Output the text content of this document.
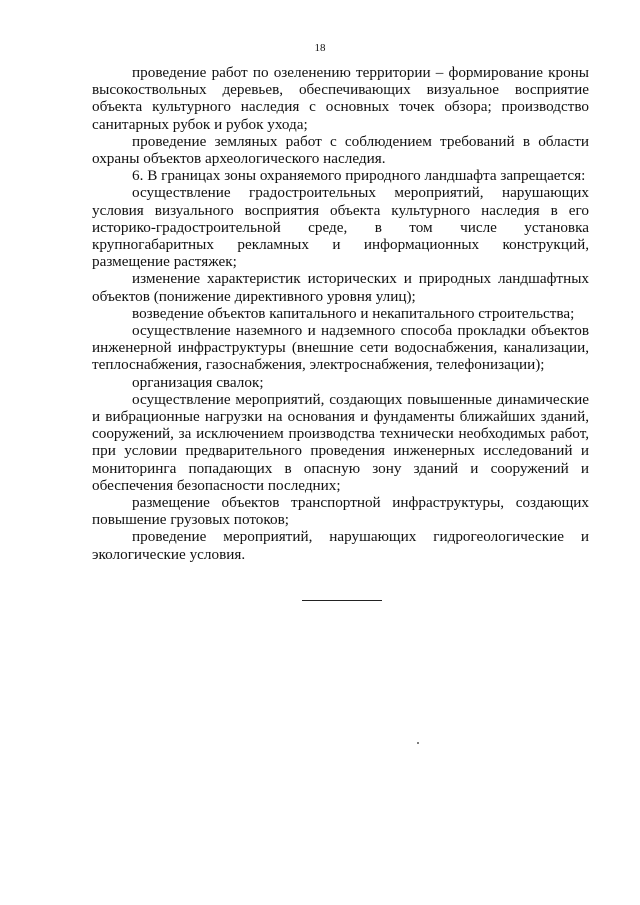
18

проведение работ по озеленению территории – формирование кроны высокоствольных деревьев, обеспечивающих визуальное восприятие объекта культурного наследия с основных точек обзора; производство санитарных рубок и рубок ухода;

проведение земляных работ с соблюдением требований в области охраны объектов археологического наследия.

6. В границах зоны охраняемого природного ландшафта запрещается:

осуществление градостроительных мероприятий, нарушающих условия визуального восприятия объекта культурного наследия в его историко-градостроительной среде, в том числе установка крупногабаритных рекламных и информационных конструкций, размещение растяжек;

изменение характеристик исторических и природных ландшафтных объектов (понижение директивного уровня улиц);

возведение объектов капитального и некапитального строительства;

осуществление наземного и надземного способа прокладки объектов инженерной инфраструктуры (внешние сети водоснабжения, канализации, теплоснабжения, газоснабжения, электроснабжения, телефонизации);

организация свалок;

осуществление мероприятий, создающих повышенные динамические и вибрационные нагрузки на основания и фундаменты ближайших зданий, сооружений, за исключением производства технически необходимых работ, при условии предварительного проведения инженерных исследований и мониторинга попадающих в опасную зону зданий и сооружений и обеспечения безопасности последних;

размещение объектов транспортной инфраструктуры, создающих повышение грузовых потоков;

проведение мероприятий, нарушающих гидрогеологические и экологические условия.
